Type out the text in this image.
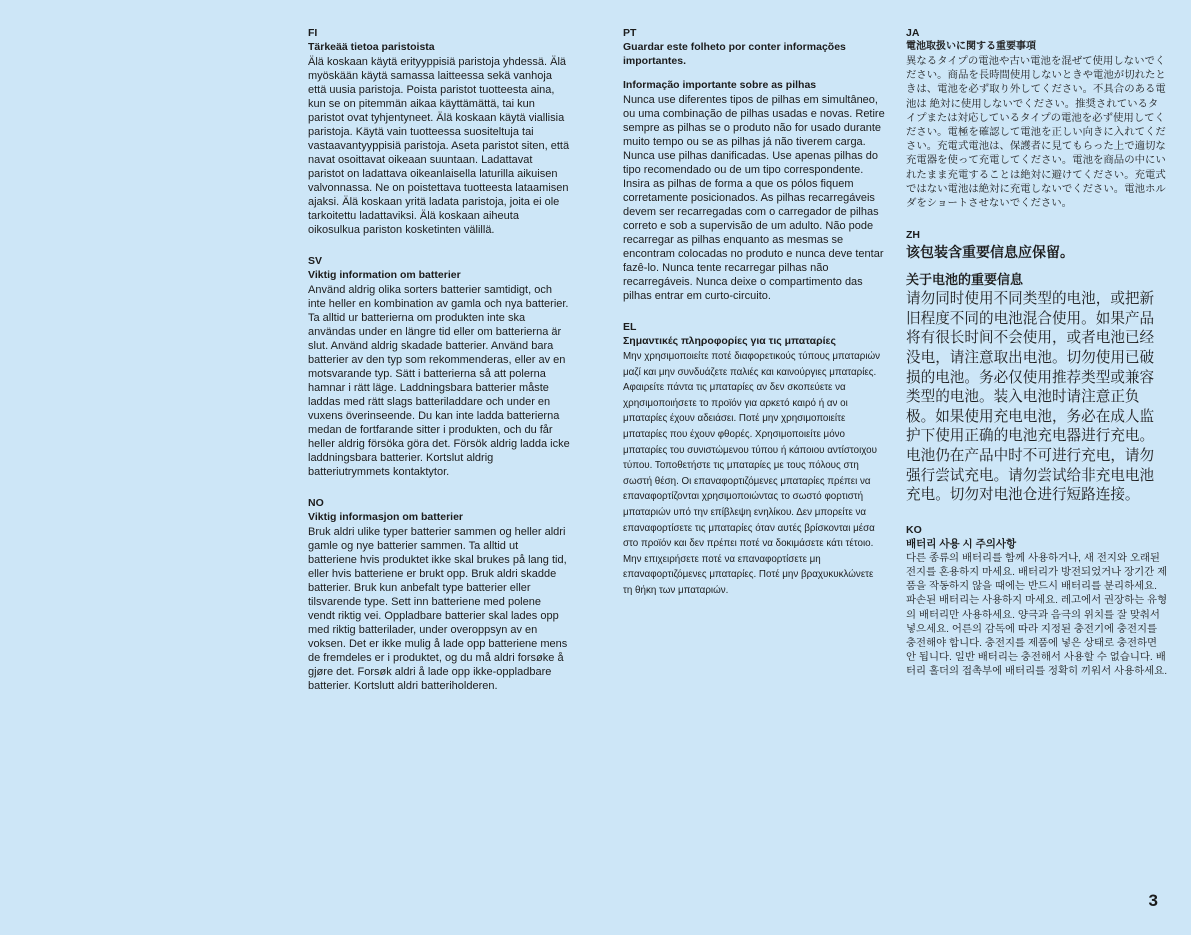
FI

Tärkeää tietoa paristoista

Älä koskaan käytä erityyppisiä paristoja yhdessä. Älä myöskään käytä samassa laitteessa sekä vanhoja että uusia paristoja. Poista paristot tuotteesta aina, kun se on pitemmän aikaa käyttämättä, tai kun paristot ovat tyhjentyneet. Älä koskaan käytä viallisia paristoja. Käytä vain tuotteessa suositeltuja tai vastaavantyyppisiä paristoja. Aseta paristot siten, että navat osoittavat oikeaan suuntaan. Ladattavat paristot on ladattava oikeanlaisella laturilla aikuisen valvonnassa. Ne on poistettava tuotteesta lataamisen ajaksi. Älä koskaan yritä ladata paristoja, joita ei ole tarkoitettu ladattaviksi. Älä koskaan aiheuta oikosulkua pariston kosketinten välillä.

SV

Viktig information om batterier

Använd aldrig olika sorters batterier samtidigt, och inte heller en kombination av gamla och nya batterier. Ta alltid ur batterierna om produkten inte ska användas under en längre tid eller om batterierna är slut. Använd aldrig skadade batterier. Använd bara batterier av den typ som rekommenderas, eller av en motsvarande typ. Sätt i batterierna så att polerna hamnar i rätt läge. Laddningsbara batterier måste laddas med rätt slags batteriladdare och under en vuxens överinseende. Du kan inte ladda batterierna medan de fortfarande sitter i produkten, och du får heller aldrig försöka göra det. Försök aldrig ladda icke laddningsbara batterier. Kortslut aldrig batteriutrymmets kontaktytor.

NO

Viktig informasjon om batterier

Bruk aldri ulike typer batterier sammen og heller aldri gamle og nye batterier sammen. Ta alltid ut batteriene hvis produktet ikke skal brukes på lang tid, eller hvis batteriene er brukt opp. Bruk aldri skadde batterier. Bruk kun anbefalt type batterier eller tilsvarende type. Sett inn batteriene med polene vendt riktig vei. Oppladbare batterier skal lades opp med riktig batterilader, under overoppsyn av en voksen. Det er ikke mulig å lade opp batteriene mens de fremdeles er i produktet, og du må aldri forsøke å gjøre det. Forsøk aldri å lade opp ikke-oppladbare batterier. Kortslutt aldri batteriholderen.

PT

Guardar este folheto por conter informações importantes.

Informação importante sobre as pilhas

Nunca use diferentes tipos de pilhas em simultâneo, ou uma combinação de pilhas usadas e novas. Retire sempre as pilhas se o produto não for usado durante muito tempo ou se as pilhas já não tiverem carga. Nunca use pilhas danificadas. Use apenas pilhas do tipo recomendado ou de um tipo correspondente. Insira as pilhas de forma a que os pólos fiquem corretamente posicionados. As pilhas recarregáveis devem ser recarregadas com o carregador de pilhas correto e sob a supervisão de um adulto. Não pode recarregar as pilhas enquanto as mesmas se encontram colocadas no produto e nunca deve tentar fazê-lo. Nunca tente recarregar pilhas não recarregáveis. Nunca deixe o compartimento das pilhas entrar em curto-circuito.

EL

Σημαντικές πληροφορίες για τις μπαταρίες

Μην χρησιμοποιείτε ποτέ διαφορετικούς τύπους μπαταριών μαζί και μην συνδυάζετε παλιές και καινούργιες μπαταρίες. Αφαιρείτε πάντα τις μπαταρίες αν δεν σκοπεύετε να χρησιμοποιήσετε το προϊόν για αρκετό καιρό ή αν οι μπαταρίες έχουν αδειάσει. Ποτέ μην χρησιμοποιείτε μπαταρίες που έχουν φθορές. Χρησιμοποιείτε μόνο μπαταρίες του συνιστώμενου τύπου ή κάποιου αντίστοιχου τύπου. Τοποθετήστε τις μπαταρίες με τους πόλους στη σωστή θέση. Οι επαναφορτιζόμενες μπαταρίες πρέπει να επαναφορτίζονται χρησιμοποιώντας το σωστό φορτιστή μπαταριών υπό την επίβλεψη ενηλίκου. Δεν μπορείτε να επαναφορτίσετε τις μπαταρίες όταν αυτές βρίσκονται μέσα στο προϊόν και δεν πρέπει ποτέ να δοκιμάσετε κάτι τέτοιο. Μην επιχειρήσετε ποτέ να επαναφορτίσετε μη επαναφορτιζόμενες μπαταρίες. Ποτέ μην βραχυκυκλώνετε τη θήκη των μπαταριών.

JA

電池取扱いに関する重要事項

異なるタイプの電池や古い電池を混ぜて使用しないでください。商品を長時間使用しないときや電池が切れたときは、電池を必ず取り外してください。不具合のある電池は 絶対に使用しないでください。推奨されているタイプまたは対応しているタイプの電池を必ず使用してください。電極を確認して電池を正しい向きに入れてください。充電式電池は、保護者に見てもらった上で適切な充電器を使って充電してください。電池を商品の中にいれたまま充電することは絶対に避けてください。充電式ではない電池は絶対に充電しないでください。電池ホルダをショートさせないでください。

ZH

该包装含重要信息应保留。

关于电池的重要信息

请勿同时使用不同类型的电池，或把新旧程度不同的电池混合使用。如果产品将有很长时间不会使用，或者电池已经没电，请注意取出电池。切勿使用已破损的电池。务必仅使用推荐类型或兼容类型的电池。装入电池时请注意正负极。如果使用充电电池，务必在成人监护下使用正确的电池充电器进行充电。电池仍在产品中时不可进行充电，请勿强行尝试充电。请勿尝试给非充电电池充电。切勿对电池仓进行短路连接。

KO

배터리 사용 시 주의사항

다른 종류의 배터리를 함께 사용하거나, 새 전지와 오래된 전지를 혼용하지 마세요. 배터리가 방전되었거나 장기간 제품을 작동하지 않을 때에는 반드시 배터리를 분리하세요. 파손된 배터리는 사용하지 마세요. 레고에서 권장하는 유형의 배터리만 사용하세요. 양극과 음극의 위치를 잘 맞춰서 넣으세요. 어른의 감독에 따라 지정된 충전기에 충전지를 충전해야 합니다. 충전지를 제품에 넣은 상태로 충전하면 안 됩니다. 일반 배터리는 충전해서 사용할 수 없습니다. 배터리 홀더의 접촉부에 배터리를 정확히 끼워서 사용하세요.

3
